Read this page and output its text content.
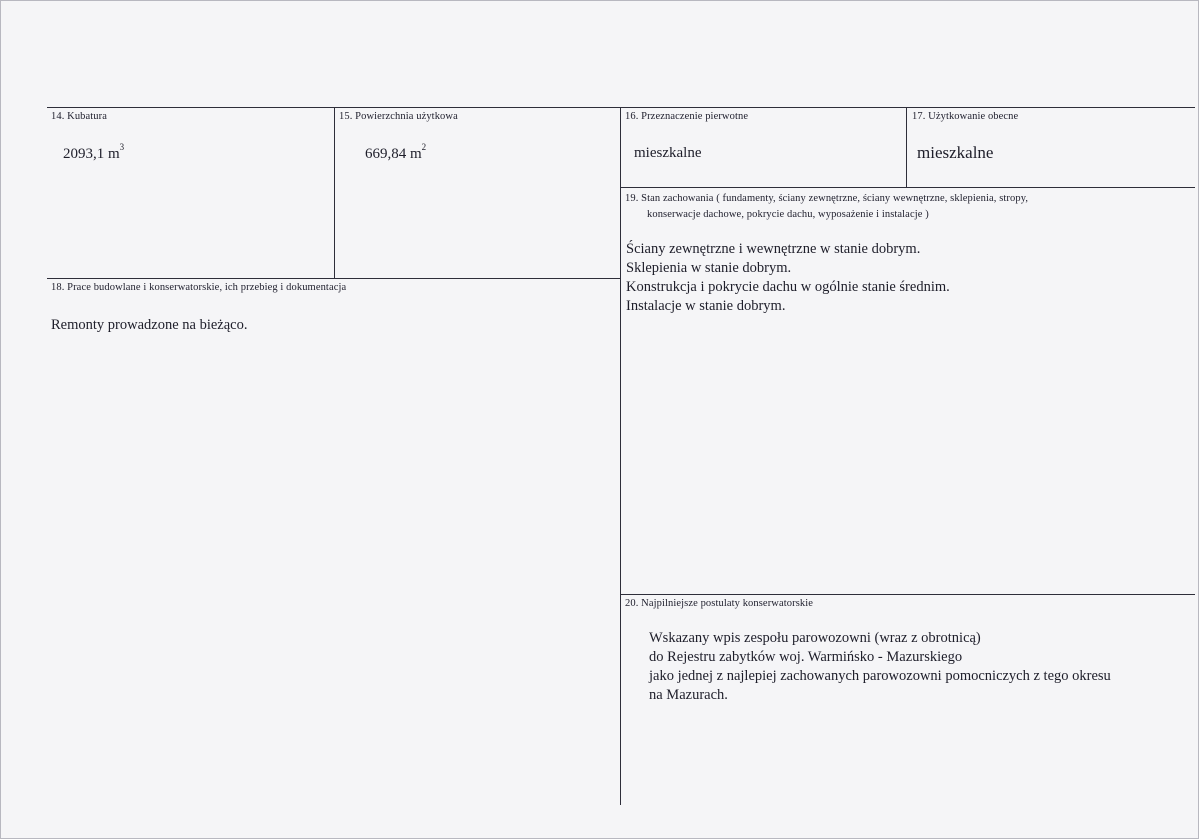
14. Kubatura
2093,1 $m^3$
15. Powierzchnia użytkowa
669,84 $m^2$
16. Przeznaczenie pierwotne
mieszkalne
17. Użytkowanie obecne
mieszkalne
19. Stan zachowania ( fundamenty, ściany zewnętrzne, ściany wewnętrzne, sklepienia, stropy,
konserwacje dachowe, pokrycie dachu, wyposażenie i instalacje )
Ściany zewnętrzne i wewnętrzne w stanie dobrym.
Sklepienia w stanie dobrym.
Konstrukcja i pokrycie dachu w ogólnie stanie średnim.
Instalacje w stanie dobrym.
18. Prace budowlane i konserwatorskie, ich przebieg i dokumentacja
Remonty prowadzone na bieżąco.
20. Najpilniejsze postulaty konserwatorskie
Wskazany wpis zespołu parowozowni (wraz z obrotnicą)
do Rejestru zabytków woj. Warmińsko - Mazurskiego
jako jednej z najlepiej zachowanych parowozowni pomocniczych z tego okresu
na Mazurach.
